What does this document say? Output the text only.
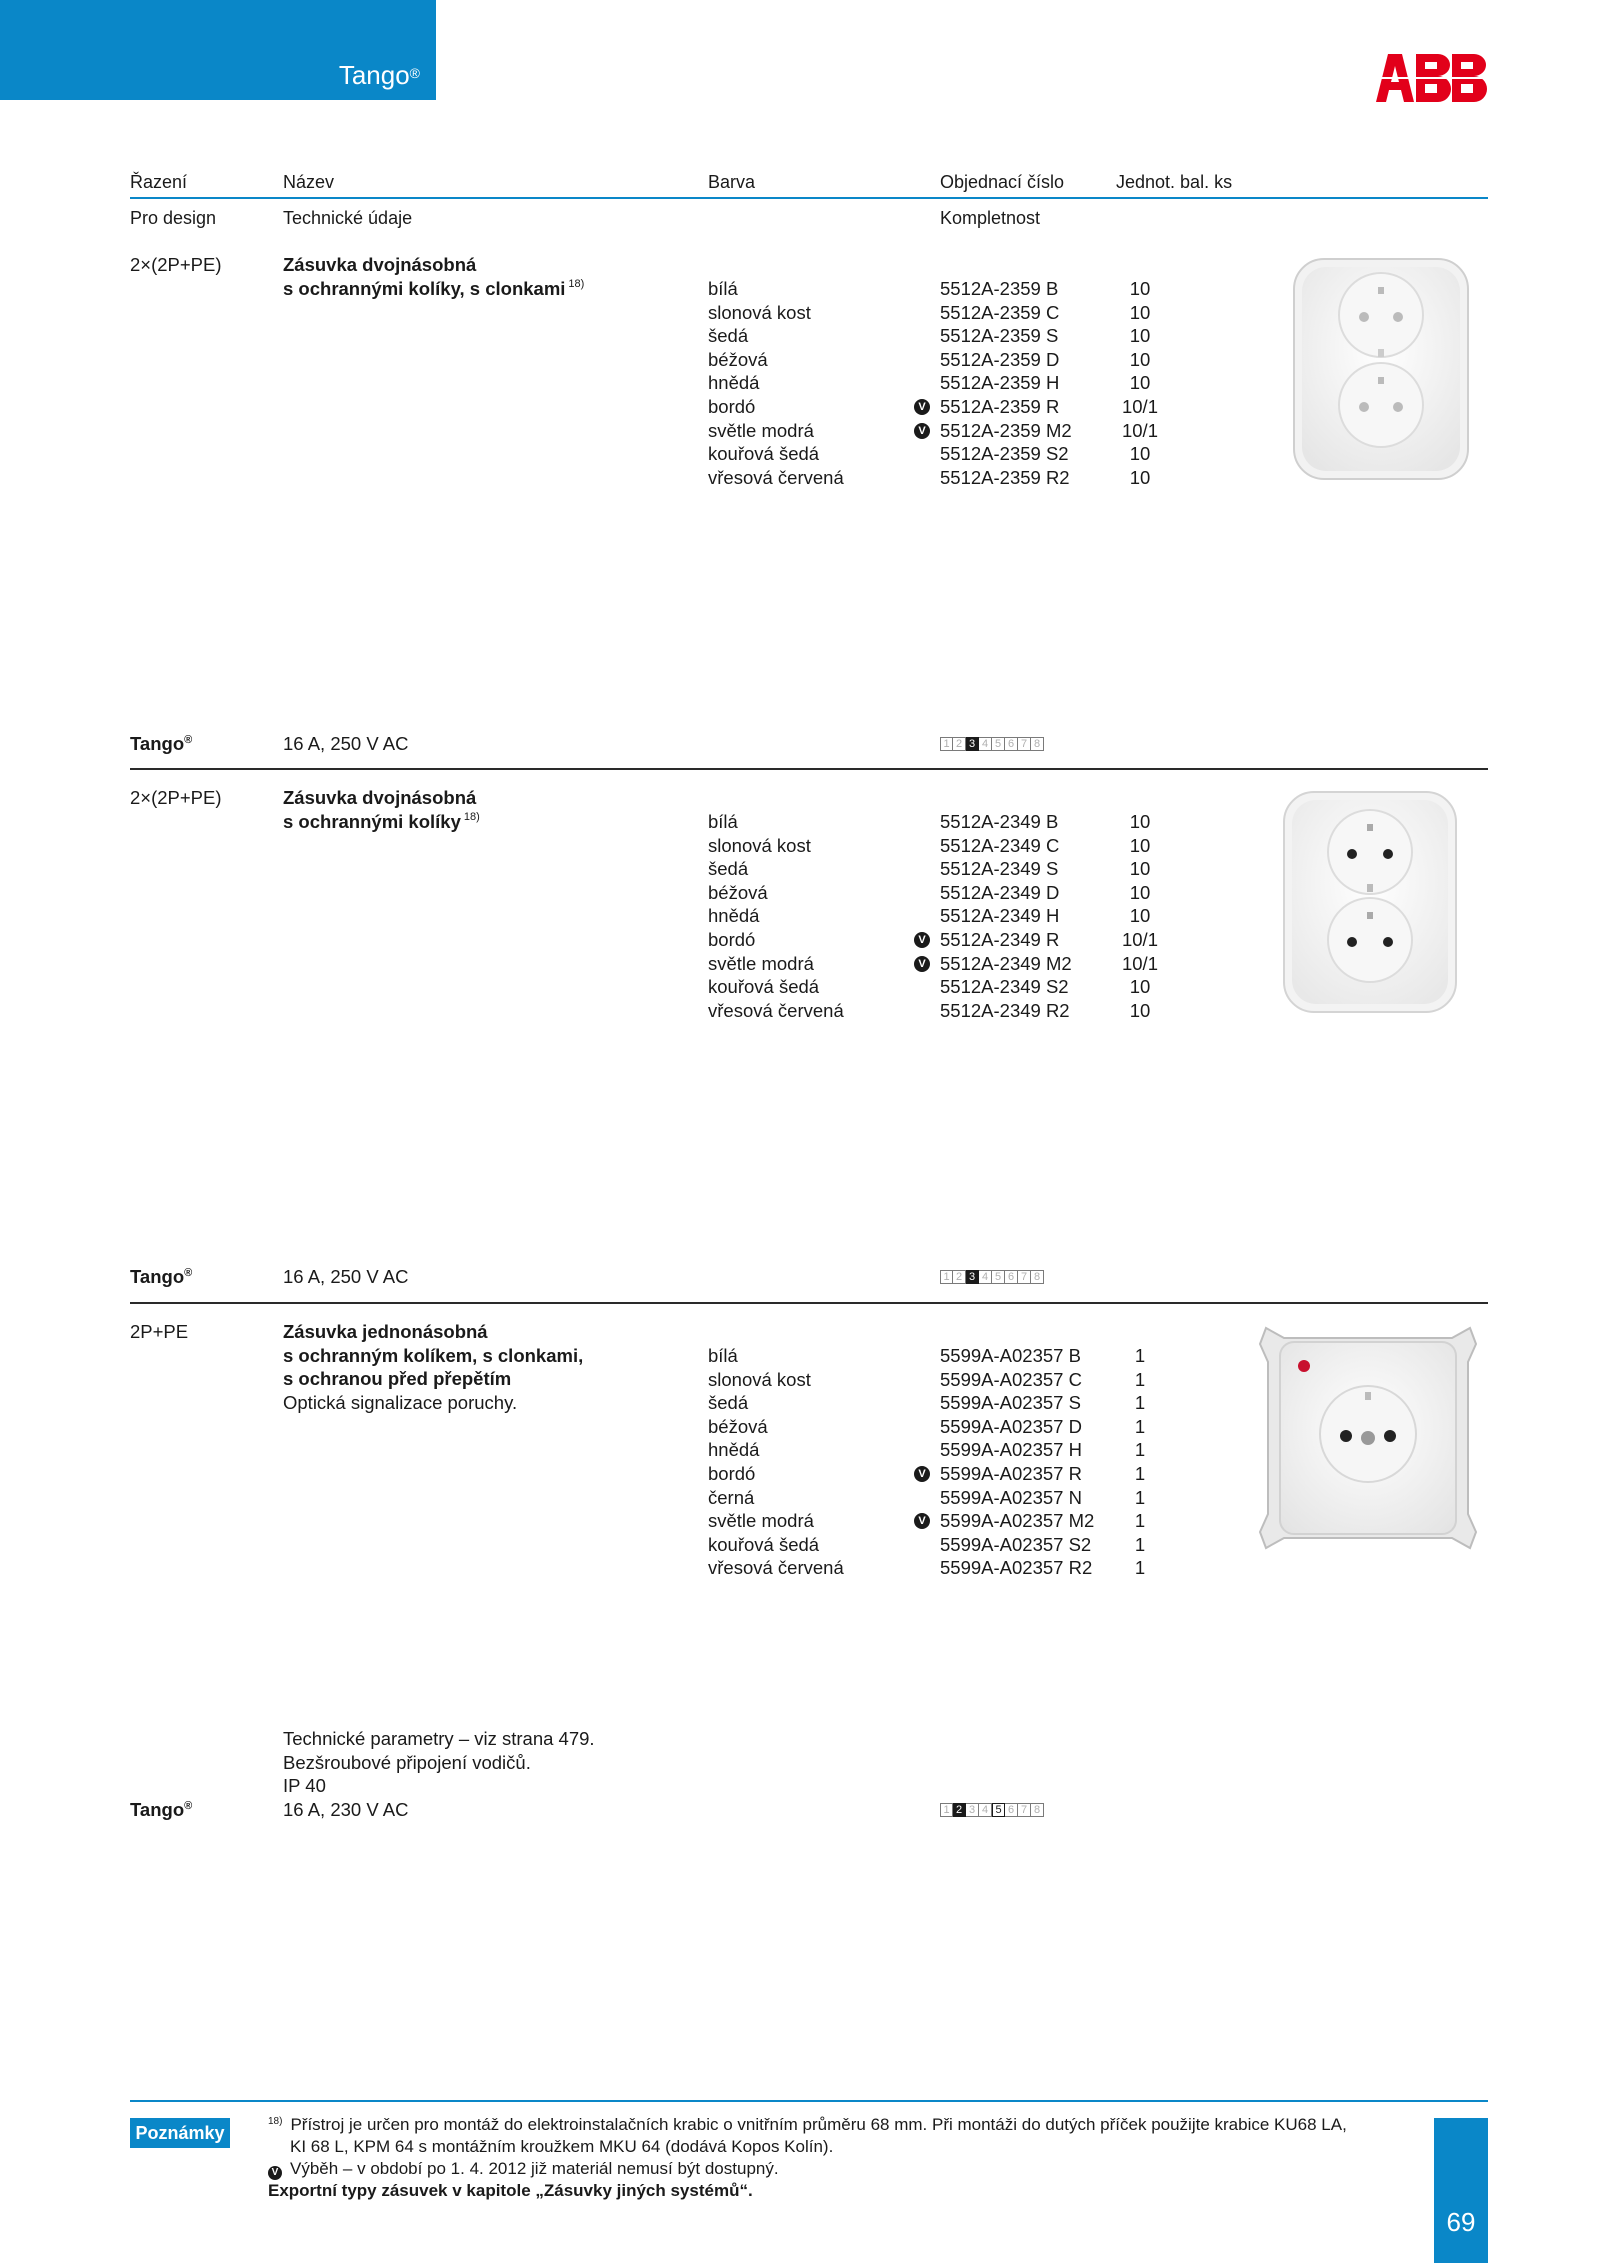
Tango®
Řazení	Název	Barva	Objednací číslo	Jednot. bal. ks
Pro design	Technické údaje	Kompletnost
2×(2P+PE)	Zásuvka dvojnásobná
s ochrannými kolíky, s clonkami $^{18)}$	bílá	5512A-2359 B	10
slonová kost	5512A-2359 C	10
šedá	5512A-2359 S	10
béžová	5512A-2359 D	10
hnědá	5512A-2359 H	10
bordó	V 5512A-2359 R	10/1
světle modrá	V 5512A-2359 M2	10/1
kouřová šedá	5512A-2359 S2	10
vřesová červená	5512A-2359 R2	10
Tango®	16 A, 250 V AC	1 2 3 4 5 6 7 8
2×(2P+PE)	Zásuvka dvojnásobná
s ochrannými kolíky $^{18)}$	bílá	5512A-2349 B	10
slonová kost	5512A-2349 C	10
šedá	5512A-2349 S	10
béžová	5512A-2349 D	10
hnědá	5512A-2349 H	10
bordó	V 5512A-2349 R	10/1
světle modrá	V 5512A-2349 M2	10/1
kouřová šedá	5512A-2349 S2	10
vřesová červená	5512A-2349 R2	10
Tango®	16 A, 250 V AC	1 2 3 4 5 6 7 8
2P+PE	Zásuvka jednonásobná
s ochranným kolíkem, s clonkami,
s ochranou před přepětím
Optická signalizace poruchy.
bílá	5599A-A02357 B	1
slonová kost	5599A-A02357 C	1
šedá	5599A-A02357 S	1
béžová	5599A-A02357 D	1
hnědá	5599A-A02357 H	1
bordó	V 5599A-A02357 R	1
černá	5599A-A02357 N	1
světle modrá	V 5599A-A02357 M2	1
kouřová šedá	5599A-A02357 S2	1
vřesová červená	5599A-A02357 R2	1
Tango®
Technické parametry – viz strana 479.
Bezšroubové připojení vodičů.
IP 40
16 A, 230 V AC	1 2 3 4 5 6 7 8
Poznámky
$^{18)}$ Přístroj je určen pro montáž do elektroinstalačních krabic o vnitřním průměru 68 mm. Při montáži do dutých příček použijte krabice KU68 LA,
KI 68 L, KPM 64 s montážním kroužkem MKU 64 (dodává Kopos Kolín).
V Výběh – v období po 1. 4. 2012 již materiál nemusí být dostupný.
Exportní typy zásuvek v kapitole „Zásuvky jiných systémů“.
69
